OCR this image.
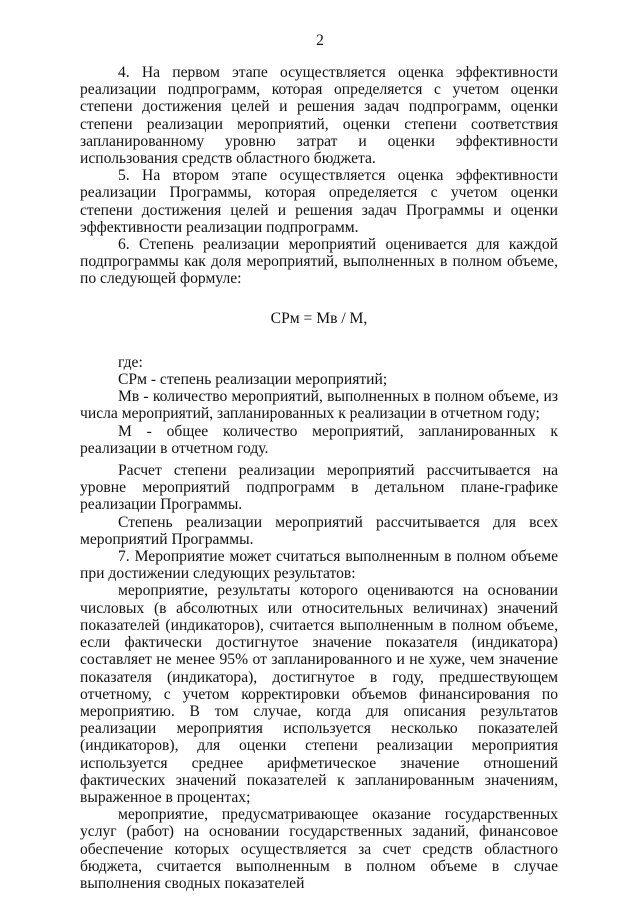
2

4. На первом этапе осуществляется оценка эффективности реализации подпрограмм, которая определяется с учетом оценки степени достижения целей и решения задач подпрограмм, оценки степени реализации мероприятий, оценки степени соответствия запланированному уровню затрат и оценки эффективности использования средств областного бюджета.

5. На втором этапе осуществляется оценка эффективности реализации Программы, которая определяется с учетом оценки степени достижения целей и решения задач Программы и оценки эффективности реализации подпрограмм.

6. Степень реализации мероприятий оценивается для каждой подпрограммы как доля мероприятий, выполненных в полном объеме, по следующей формуле:

СРм = Мв / М,

где:

СРм - степень реализации мероприятий;

Мв - количество мероприятий, выполненных в полном объеме, из числа мероприятий, запланированных к реализации в отчетном году;

М - общее количество мероприятий, запланированных к реализации в отчетном году.

Расчет степени реализации мероприятий рассчитывается на уровне мероприятий подпрограмм в детальном плане-графике реализации Программы.

Степень реализации мероприятий рассчитывается для всех мероприятий Программы.

7. Мероприятие может считаться выполненным в полном объеме при достижении следующих результатов:

мероприятие, результаты которого оцениваются на основании числовых (в абсолютных или относительных величинах) значений показателей (индикаторов), считается выполненным в полном объеме, если фактически достигнутое значение показателя (индикатора) составляет не менее 95% от запланированного и не хуже, чем значение показателя (индикатора), достигнутое в году, предшествующем отчетному, с учетом корректировки объемов финансирования по мероприятию. В том случае, когда для описания результатов реализации мероприятия используется несколько показателей (индикаторов), для оценки степени реализации мероприятия используется среднее арифметическое значение отношений фактических значений показателей к запланированным значениям, выраженное в процентах;

мероприятие, предусматривающее оказание государственных услуг (работ) на основании государственных заданий, финансовое обеспечение которых осуществляется за счет средств областного бюджета, считается выполненным в полном объеме в случае выполнения сводных показателей
